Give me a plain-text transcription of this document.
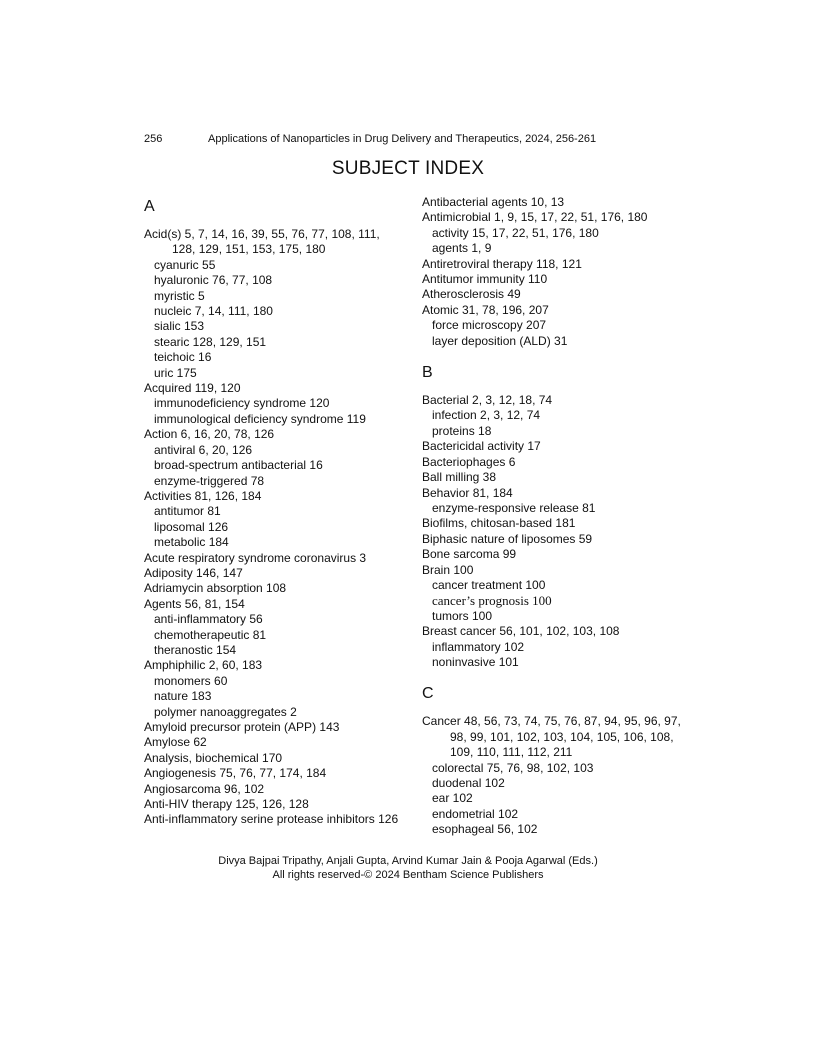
256	Applications of Nanoparticles in Drug Delivery and Therapeutics, 2024, 256-261
SUBJECT INDEX
A

Acid(s) 5, 7, 14, 16, 39, 55, 76, 77, 108, 111, 128, 129, 151, 153, 175, 180

cyanuric 55

hyaluronic 76, 77, 108

myristic 5

nucleic 7, 14, 111, 180

sialic 153

stearic 128, 129, 151

teichoic 16

uric 175

Acquired 119, 120

immunodeficiency syndrome 120

immunological deficiency syndrome 119

Action 6, 16, 20, 78, 126

antiviral 6, 20, 126

broad-spectrum antibacterial 16

enzyme-triggered 78

Activities 81, 126, 184

antitumor 81

liposomal 126

metabolic 184

Acute respiratory syndrome coronavirus 3

Adiposity 146, 147

Adriamycin absorption 108

Agents 56, 81, 154

anti-inflammatory 56

chemotherapeutic 81

theranostic 154

Amphiphilic 2, 60, 183

monomers 60

nature 183

polymer nanoaggregates 2

Amyloid precursor protein (APP) 143

Amylose 62

Analysis, biochemical 170

Angiogenesis 75, 76, 77, 174, 184

Angiosarcoma 96, 102

Anti-HIV therapy 125, 126, 128

Anti-inflammatory serine protease inhibitors 126

Antibacterial agents 10, 13

Antimicrobial 1, 9, 15, 17, 22, 51, 176, 180

activity 15, 17, 22, 51, 176, 180

agents 1, 9

Antiretroviral therapy 118, 121

Antitumor immunity 110

Atherosclerosis 49

Atomic 31, 78, 196, 207

force microscopy 207

layer deposition (ALD) 31

B

Bacterial 2, 3, 12, 18, 74

infection 2, 3, 12, 74

proteins 18

Bactericidal activity 17

Bacteriophages 6

Ball milling 38

Behavior 81, 184

enzyme-responsive release 81

Biofilms, chitosan-based 181

Biphasic nature of liposomes 59

Bone sarcoma 99

Brain 100

cancer treatment 100

cancer’s prognosis 100

tumors 100

Breast cancer 56, 101, 102, 103, 108

inflammatory 102

noninvasive 101

C

Cancer 48, 56, 73, 74, 75, 76, 87, 94, 95, 96, 97, 98, 99, 101, 102, 103, 104, 105, 106, 108, 109, 110, 111, 112, 211

colorectal 75, 76, 98, 102, 103

duodenal 102

ear 102

endometrial 102

esophageal 56, 102

Divya Bajpai Tripathy, Anjali Gupta, Arvind Kumar Jain & Pooja Agarwal (Eds.)
All rights reserved-© 2024 Bentham Science Publishers
